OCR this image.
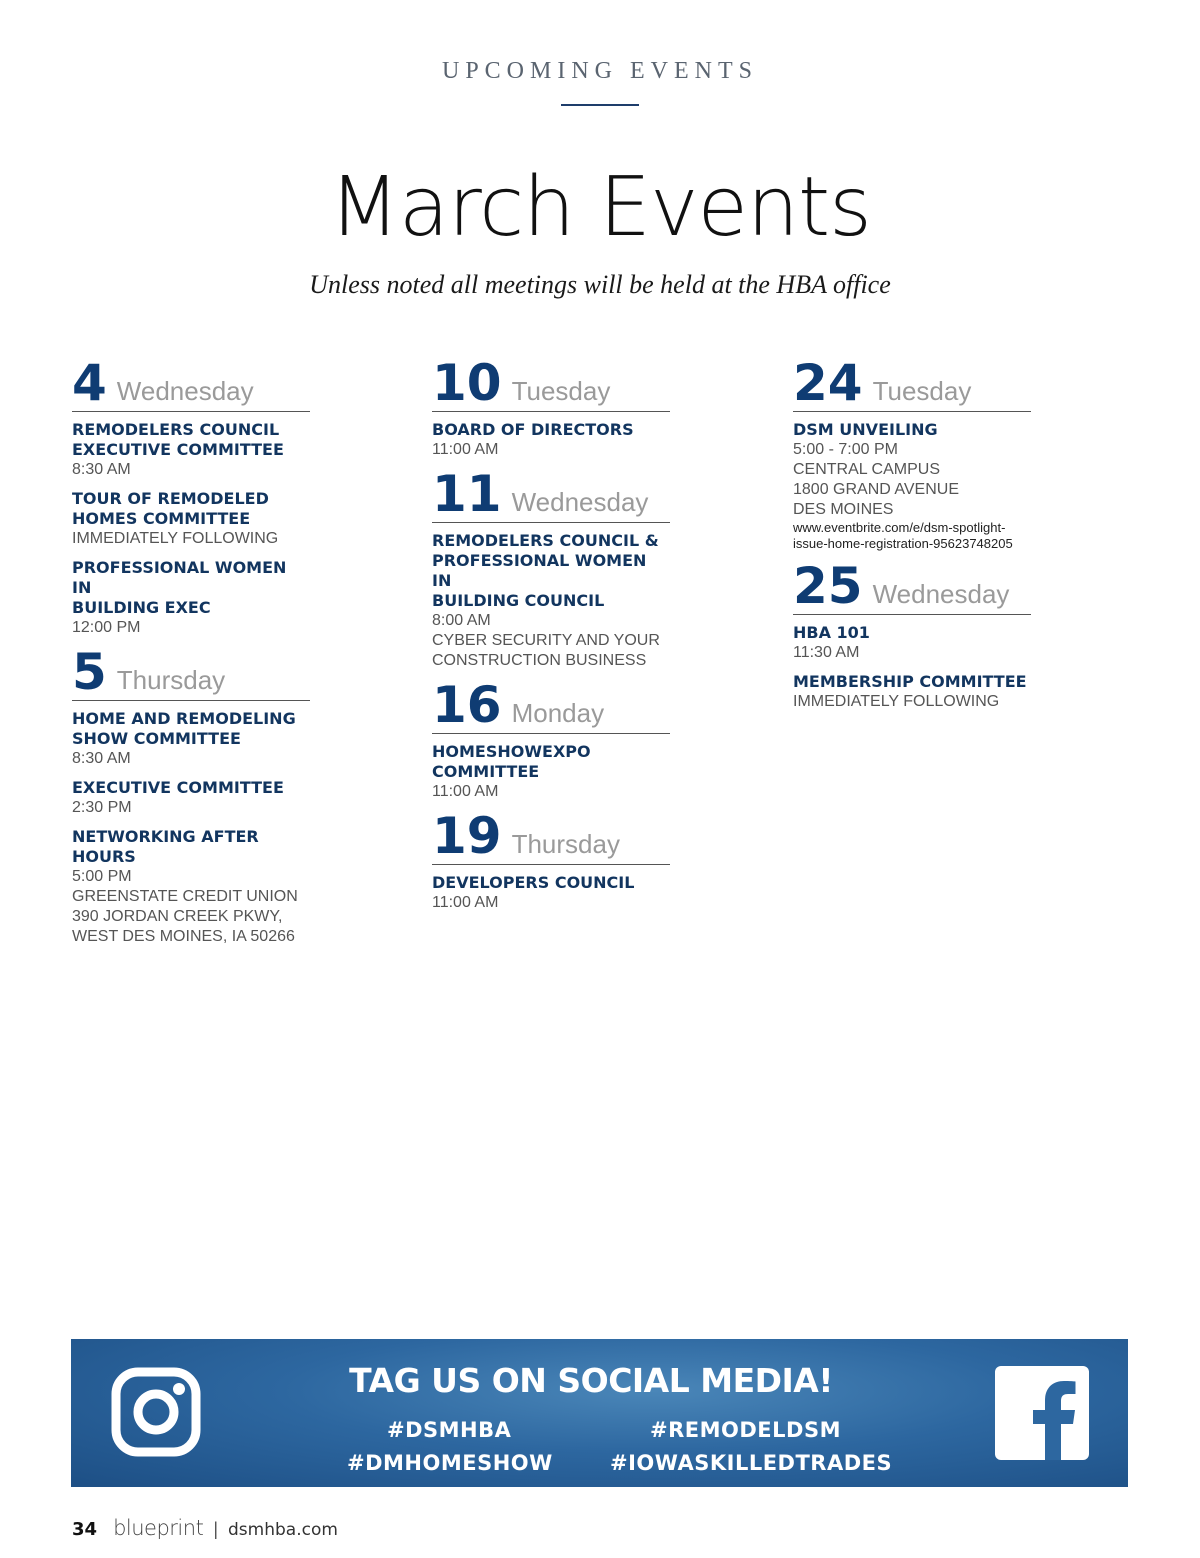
UPCOMING EVENTS
March Events
Unless noted all meetings will be held at the HBA office
4 Wednesday
REMODELERS COUNCIL
EXECUTIVE COMMITTEE
8:30 AM
TOUR OF REMODELED
HOMES COMMITTEE
IMMEDIATELY FOLLOWING
PROFESSIONAL WOMEN IN
BUILDING EXEC
12:00 PM
5 Thursday
HOME AND REMODELING
SHOW COMMITTEE
8:30 AM
EXECUTIVE COMMITTEE
2:30 PM
NETWORKING AFTER
HOURS
5:00 PM
GREENSTATE CREDIT UNION
390 JORDAN CREEK PKWY,
WEST DES MOINES, IA 50266
10 Tuesday
BOARD OF DIRECTORS
11:00 AM
11 Wednesday
REMODELERS COUNCIL &
PROFESSIONAL WOMEN IN
BUILDING COUNCIL
8:00 AM
CYBER SECURITY AND YOUR
CONSTRUCTION BUSINESS
16 Monday
HOMESHOWEXPO
COMMITTEE
11:00 AM
19 Thursday
DEVELOPERS COUNCIL
11:00 AM
24 Tuesday
DSM UNVEILING
5:00 - 7:00 PM
CENTRAL CAMPUS
1800 GRAND AVENUE
DES MOINES
www.eventbrite.com/e/dsm-spotlight-
issue-home-registration-95623748205
25 Wednesday
HBA 101
11:30 AM
MEMBERSHIP COMMITTEE
IMMEDIATELY FOLLOWING
TAG US ON SOCIAL MEDIA!
#DSMHBA	#REMODELDSM
#DMHOMESHOW	#IOWASKILLEDTRADES
34 blueprint | dsmhba.com
